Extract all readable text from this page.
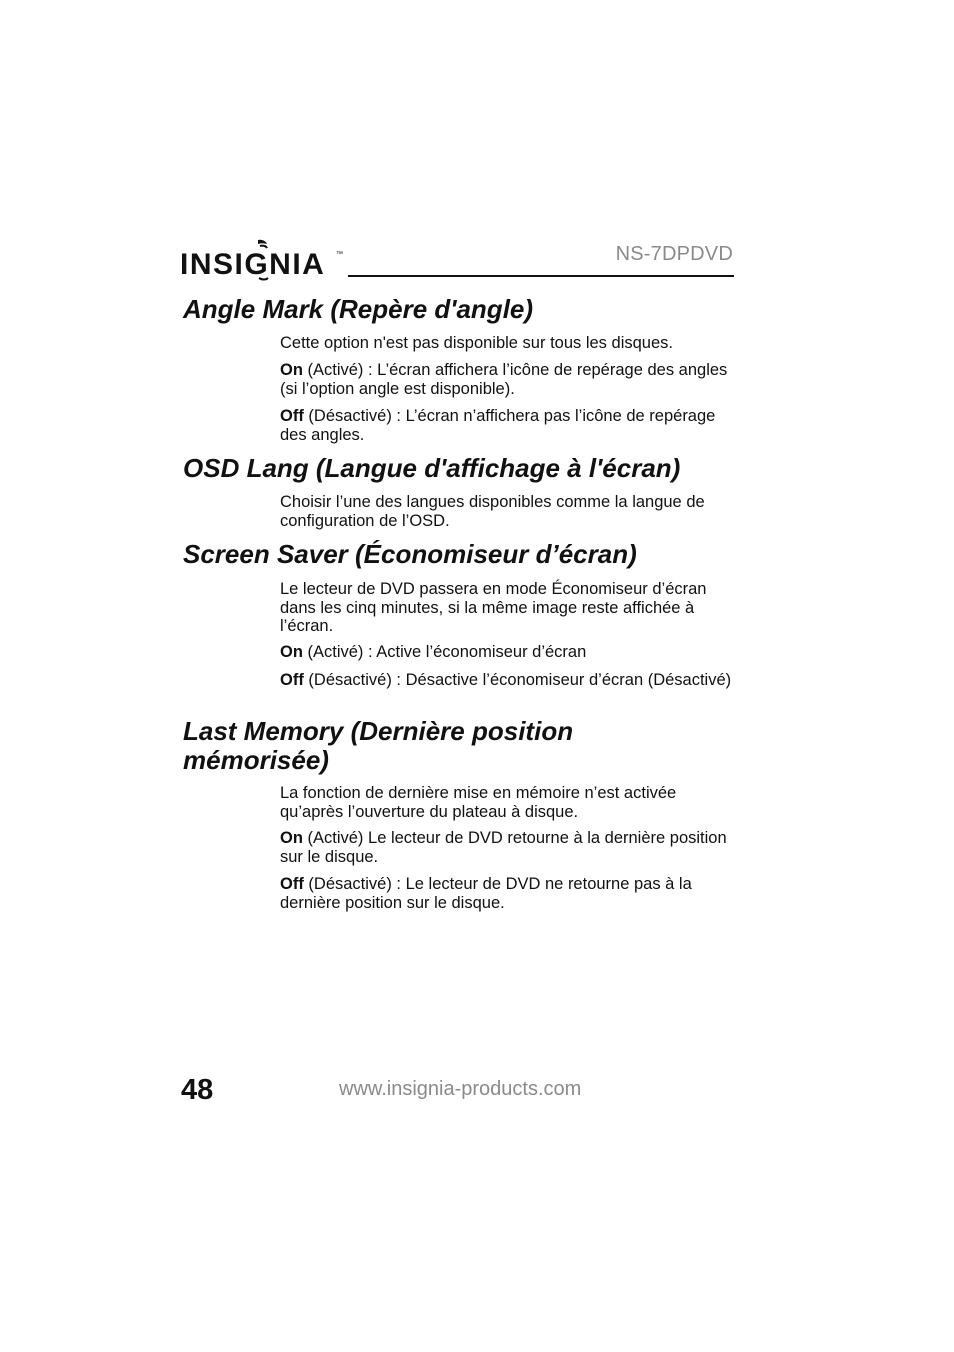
INSIGNIA ™	NS-7DPDVD
Angle Mark (Repère d'angle)

Cette option n'est pas disponible sur tous les disques.

On (Activé) : L’écran affichera l’icône de repérage des angles (si l’option angle est disponible).

Off (Désactivé) : L’écran n’affichera pas l’icône de repérage des angles.

OSD Lang (Langue d'affichage à l'écran)

Choisir l’une des langues disponibles comme la langue de configuration de l’OSD.

Screen Saver (Économiseur d’écran)

Le lecteur de DVD passera en mode Économiseur d’écran dans les cinq minutes, si la même image reste affichée à l’écran.

On (Activé) : Active l’économiseur d’écran

Off (Désactivé) : Désactive l’économiseur d’écran (Désactivé)

Last Memory (Dernière position
mémorisée)

La fonction de dernière mise en mémoire n’est activée qu’après l’ouverture du plateau à disque.

On (Activé) Le lecteur de DVD retourne à la dernière position sur le disque.

Off (Désactivé) : Le lecteur de DVD ne retourne pas à la dernière position sur le disque.

48	www.insignia-products.com
